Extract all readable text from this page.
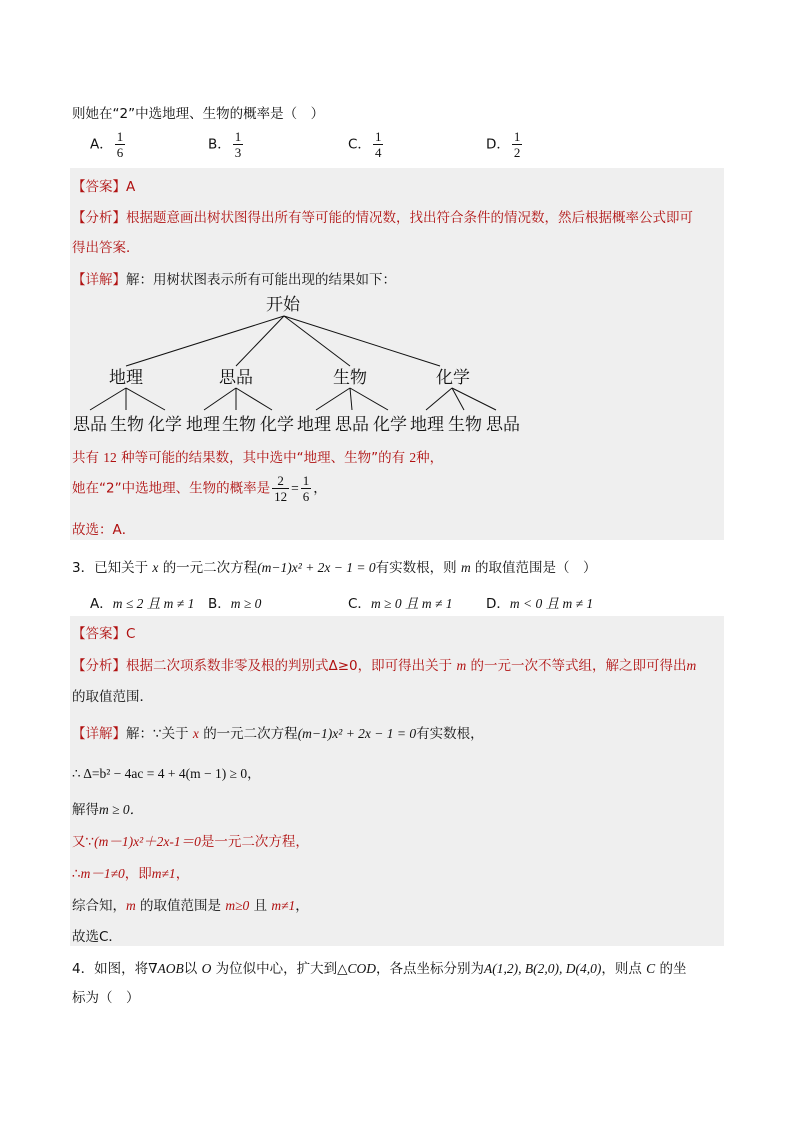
则她在“2”中选地理、生物的概率是（　）
A． $\frac{1}{6}$	B． $\frac{1}{3}$	C． $\frac{1}{4}$	D． $\frac{1}{2}$
【答案】A
【分析】根据题意画出树状图得出所有等可能的情况数，找出符合条件的情况数，然后根据概率公式即可
得出答案．
【详解】解：用树状图表示所有可能出现的结果如下：
开始
地理	思品	生物	化学
思品 生物 化学 地理 生物 化学 地理 思品 化学 地理 生物 思品
共有 12 种等可能的结果数，其中选中“地理、生物”的有 2种，
她在“2”中选地理、生物的概率是 $\frac{2}{12} = \frac{1}{6}$ ，
故选：A．
3．已知关于 x 的一元二次方程(m−1)x² + 2x − 1 = 0有实数根，则 m 的取值范围是（　）
A．m ≤ 2 且 m ≠ 1 B．m ≥ 0	C．m ≥ 0 且 m ≠ 1 D．m < 0 且 m ≠ 1
【答案】C
【分析】根据二次项系数非零及根的判别式Δ≥0，即可得出关于 m 的一元一次不等式组，解之即可得出m
的取值范围．
【详解】解：∵关于 x 的一元二次方程(m−1)x² + 2x − 1 = 0有实数根，
∴ Δ=b² − 4ac = 4 + 4(m − 1) ≥ 0，
解得m ≥ 0．
又∵(m－1)x²＋2x-1＝0是一元二次方程，
∴m－1≠0，即m≠1，
综合知，m 的取值范围是 m≥0 且 m≠1，
故选C．
4．如图，将∇AOB以 O 为位似中心，扩大到△COD，各点坐标分别为A(1,2), B(2,0), D(4,0)，则点 C 的坐
标为（　）
